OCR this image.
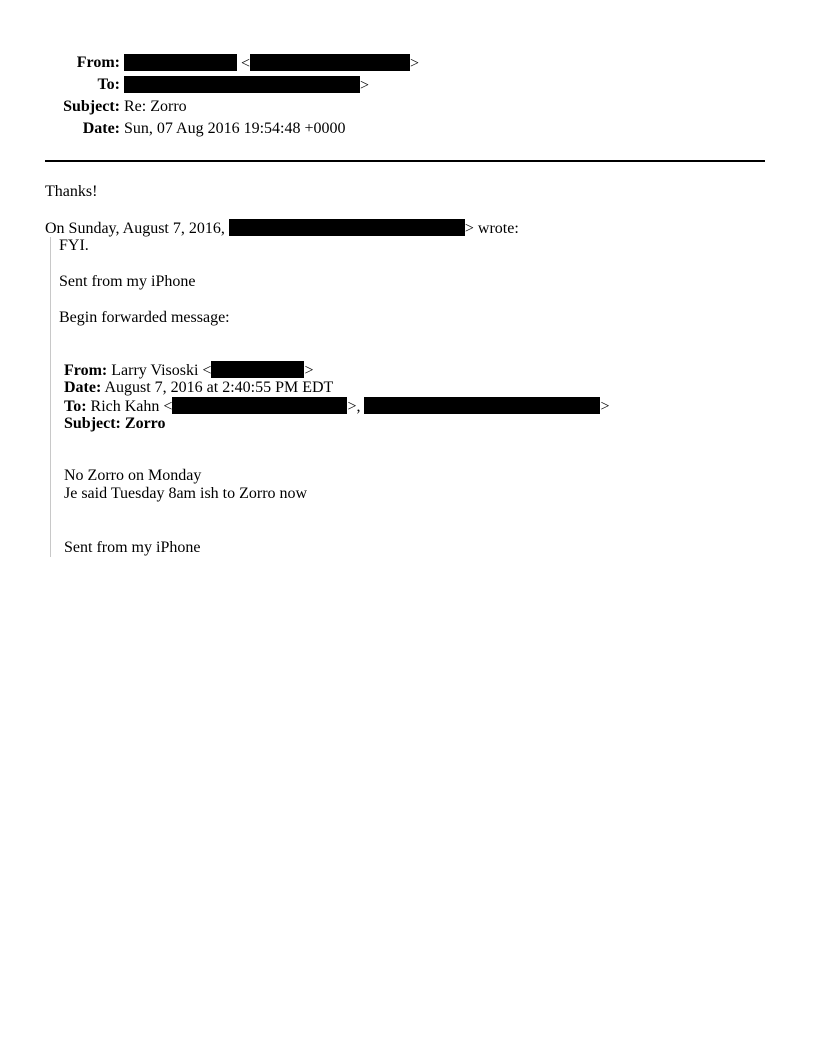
From:	<	>
To:	>
Subject: Re: Zorro
Date: Sun, 07 Aug 2016 19:54:48 +0000
Thanks!
On Sunday, August 7, 2016,	> wrote:
FYI.
Sent from my iPhone
Begin forwarded message:
From: Larry Visoski <	>
Date: August 7, 2016 at 2:40:55 PM EDT
To: Rich Kahn <	>,	>
Subject: Zorro
No Zorro on Monday
Je said Tuesday 8am ish to Zorro now
Sent from my iPhone
